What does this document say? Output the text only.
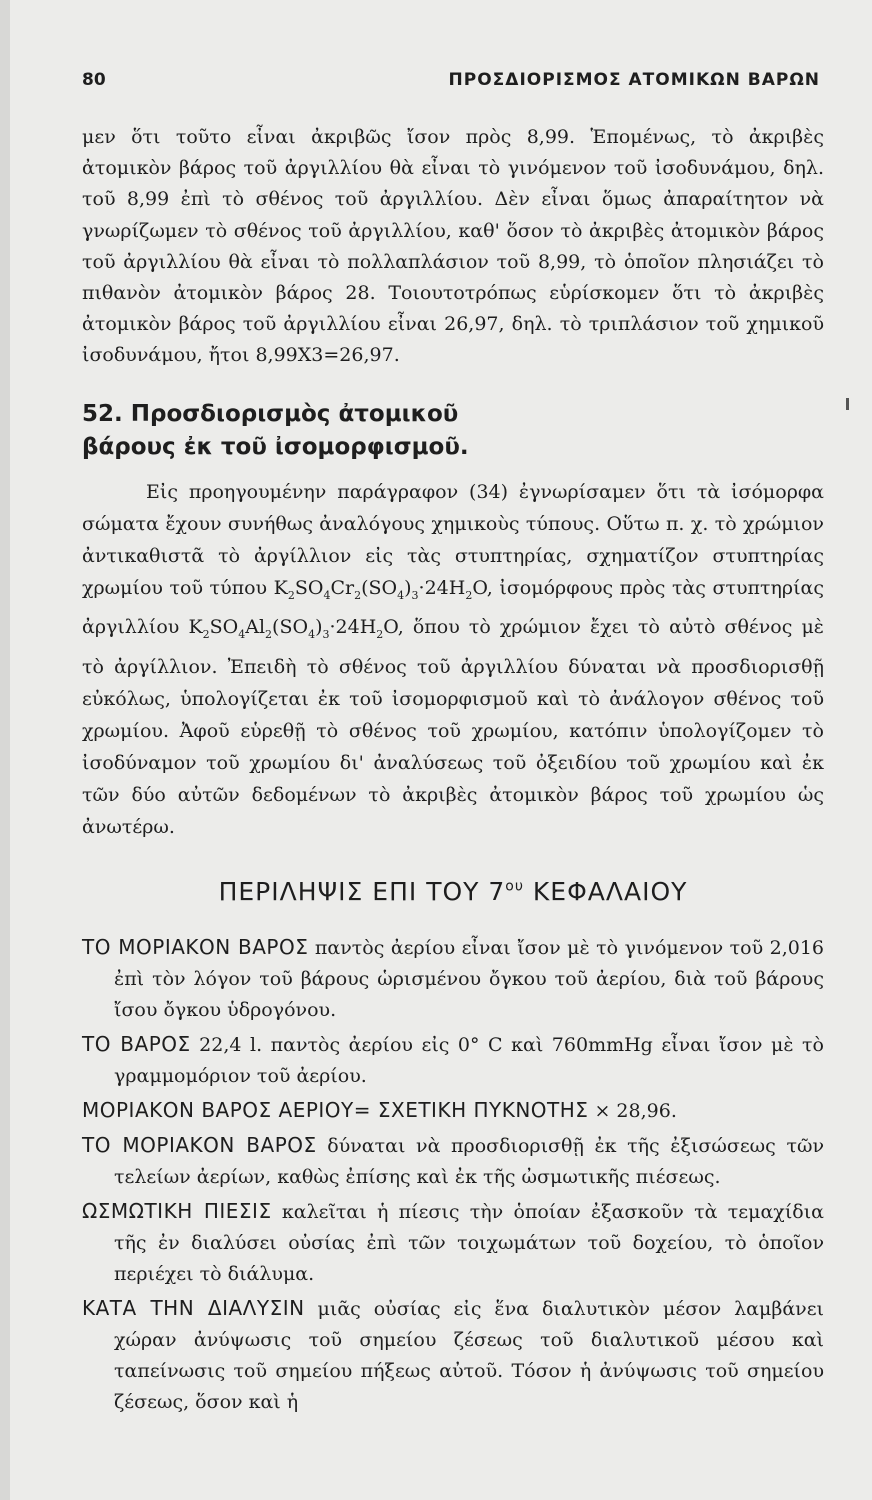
80	ΠΡΟΣΔΙΟΡΙΣΜΟΣ ΑΤΟΜΙΚΩΝ ΒΑΡΩΝ

μεν ὅτι τοῦτο εἶναι ἀκριβῶς ἴσον πρὸς 8,99. Ἑπομένως, τὸ ἀκριβὲς ἀτομικὸν βάρος τοῦ ἀργιλλίου θὰ εἶναι τὸ γινόμενον τοῦ ἰσοδυνάμου, δηλ. τοῦ 8,99 ἐπὶ τὸ σθένος τοῦ ἀργιλλίου. Δὲν εἶναι ὅμως ἀπαραίτητον νὰ γνωρίζωμεν τὸ σθένος τοῦ ἀργιλλίου, καθ' ὅσον τὸ ἀκριβὲς ἀτομικὸν βάρος τοῦ ἀργιλλίου θὰ εἶναι τὸ πολλαπλάσιον τοῦ 8,99, τὸ ὁποῖον πλησιάζει τὸ πιθανὸν ἀτομικὸν βάρος 28. Τοιουτοτρόπως εὑρίσκομεν ὅτι τὸ ἀκριβὲς ἀτομικὸν βάρος τοῦ ἀργιλλίου εἶναι 26,97, δηλ. τὸ τριπλάσιον τοῦ χημικοῦ ἰσοδυνάμου, ἤτοι 8,99X3=26,97.

52. Προσδιορισμὸς ἀτομικοῦ
βάρους ἐκ τοῦ ἰσομορφισμοῦ.

Εἰς προηγουμένην παράγραφον (34) ἐγνωρίσαμεν ὅτι τὰ ἰσόμορφα σώματα ἔχουν συνήθως ἀναλόγους χημικοὺς τύπους. Οὕτω π. χ. τὸ χρώμιον ἀντικαθιστᾶ τὸ ἀργίλλιον εἰς τὰς στυπτηρίας, σχηματίζον στυπτηρίας χρωμίου τοῦ τύπου $K_2SO_4Cr_2(SO_4)_3\cdot 24H_2O$, ἰσομόρφους πρὸς τὰς στυπτηρίας ἀργιλλίου $K_2SO_4Al_2(SO_4)_3\cdot 24H_2O$, ὅπου τὸ χρώμιον ἔχει τὸ αὐτὸ σθένος μὲ τὸ ἀργίλλιον. Ἐπειδὴ τὸ σθένος τοῦ ἀργιλλίου δύναται νὰ προσδιορισθῇ εὐκόλως, ὑπολογίζεται ἐκ τοῦ ἰσομορφισμοῦ καὶ τὸ ἀνάλογον σθένος τοῦ χρωμίου. Ἀφοῦ εὑρεθῇ τὸ σθένος τοῦ χρωμίου, κατόπιν ὑπολογίζομεν τὸ ἰσοδύναμον τοῦ χρωμίου δι' ἀναλύσεως τοῦ ὀξειδίου τοῦ χρωμίου καὶ ἐκ τῶν δύο αὐτῶν δεδομένων τὸ ἀκριβὲς ἀτομικὸν βάρος τοῦ χρωμίου ὡς ἀνωτέρω.

ΠΕΡΙΛΗΨΙΣ ΕΠΙ ΤΟΥ $7^{o\upsilon}$ ΚΕΦΑΛΑΙΟΥ

ΤΟ ΜΟΡΙΑΚΟΝ ΒΑΡΟΣ παντὸς ἀερίου εἶναι ἴσον μὲ τὸ γινόμενον τοῦ 2,016 ἐπὶ τὸν λόγον τοῦ βάρους ὡρισμένου ὄγκου τοῦ ἀερίου, διὰ τοῦ βάρους ἴσου ὄγκου ὑδρογόνου.

ΤΟ ΒΑΡΟΣ 22,4 l. παντὸς ἀερίου εἰς 0° C καὶ 760mmHg εἶναι ἴσον μὲ τὸ γραμμομόριον τοῦ ἀερίου.

ΜΟΡΙΑΚΟΝ ΒΑΡΟΣ ΑΕΡΙΟΥ= ΣΧΕΤΙΚΗ ΠΥΚΝΟΤΗΣ × 28,96.

ΤΟ ΜΟΡΙΑΚΟΝ ΒΑΡΟΣ δύναται νὰ προσδιορισθῇ ἐκ τῆς ἐξισώσεως τῶν τελείων ἀερίων, καθὼς ἐπίσης καὶ ἐκ τῆς ὠσμωτικῆς πιέσεως.

ΩΣΜΩΤΙΚΗ ΠΙΕΣΙΣ καλεῖται ἡ πίεσις τὴν ὁποίαν ἐξασκοῦν τὰ τεμαχίδια τῆς ἐν διαλύσει οὐσίας ἐπὶ τῶν τοιχωμάτων τοῦ δοχείου, τὸ ὁποῖον περιέχει τὸ διάλυμα.

ΚΑΤΑ ΤΗΝ ΔΙΑΛΥΣΙΝ μιᾶς οὐσίας εἰς ἕνα διαλυτικὸν μέσον λαμβάνει χώραν ἀνύψωσις τοῦ σημείου ζέσεως τοῦ διαλυτικοῦ μέσου καὶ ταπείνωσις τοῦ σημείου πήξεως αὐτοῦ. Τόσον ἡ ἀνύψωσις τοῦ σημείου ζέσεως, ὅσον καὶ ἡ
